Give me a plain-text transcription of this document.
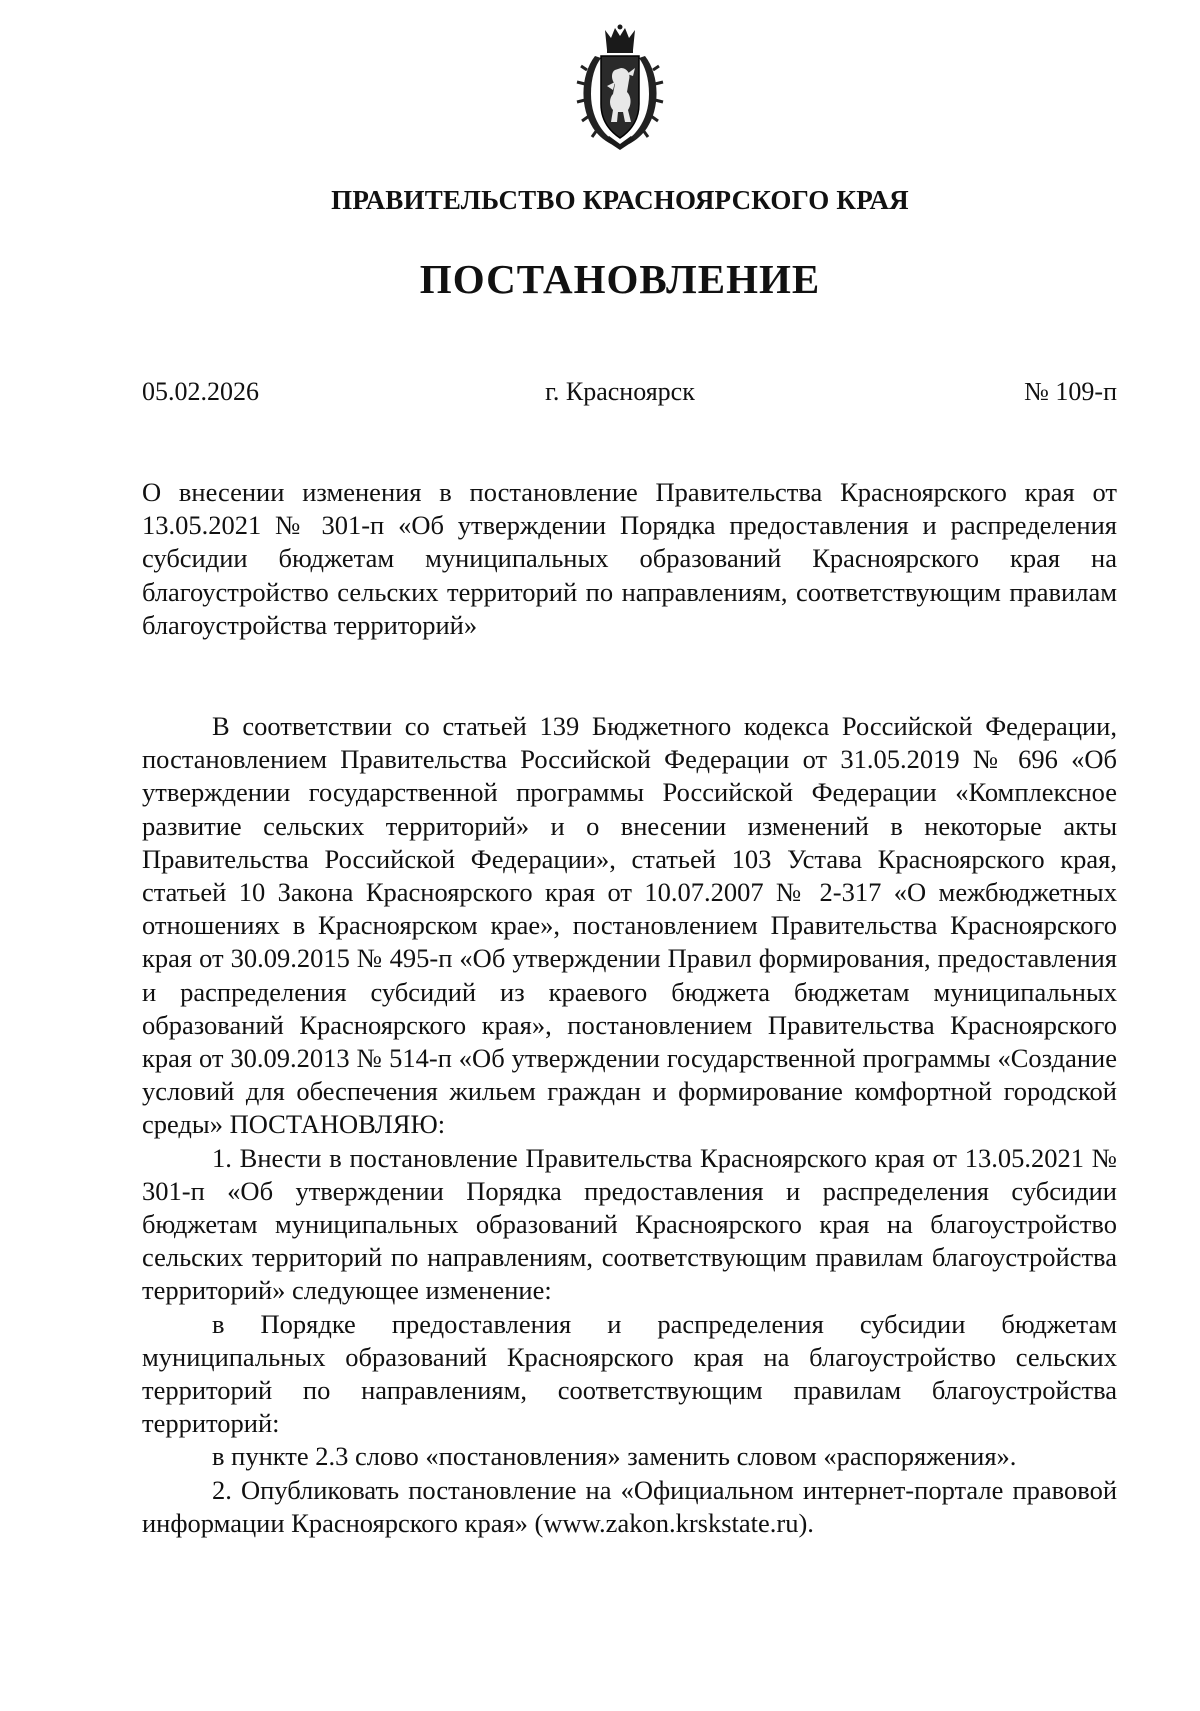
ПРАВИТЕЛЬСТВО КРАСНОЯРСКОГО КРАЯ
ПОСТАНОВЛЕНИЕ
г. Красноярск
05.02.2026	№ 109-п

О внесении изменения в постановление Правительства Красноярского края от 13.05.2021 № 301-п «Об утверждении Порядка предоставления и распределения субсидии бюджетам муниципальных образований Красноярского края на благоустройство сельских территорий по направлениям, соответствующим правилам благоустройства территорий»

В соответствии со статьей 139 Бюджетного кодекса Российской Федерации, постановлением Правительства Российской Федерации от 31.05.2019 № 696 «Об утверждении государственной программы Российской Федерации «Комплексное развитие сельских территорий» и о внесении изменений в некоторые акты Правительства Российской Федерации», статьей 103 Устава Красноярского края, статьей 10 Закона Красноярского края от 10.07.2007 № 2-317 «О межбюджетных отношениях в Красноярском крае», постановлением Правительства Красноярского края от 30.09.2015 № 495-п «Об утверждении Правил формирования, предоставления и распределения субсидий из краевого бюджета бюджетам муниципальных образований Красноярского края», постановлением Правительства Красноярского края от 30.09.2013 № 514-п «Об утверждении государственной программы «Создание условий для обеспечения жильем граждан и формирование комфортной городской среды» ПОСТАНОВЛЯЮ:

1. Внести в постановление Правительства Красноярского края от 13.05.2021 № 301-п «Об утверждении Порядка предоставления и распределения субсидии бюджетам муниципальных образований Красноярского края на благоустройство сельских территорий по направлениям, соответствующим правилам благоустройства территорий» следующее изменение:

в Порядке предоставления и распределения субсидии бюджетам муниципальных образований Красноярского края на благоустройство сельских территорий по направлениям, соответствующим правилам благоустройства территорий:

в пункте 2.3 слово «постановления» заменить словом «распоряжения».

2. Опубликовать постановление на «Официальном интернет-портале правовой информации Красноярского края» (www.zakon.krskstate.ru).
